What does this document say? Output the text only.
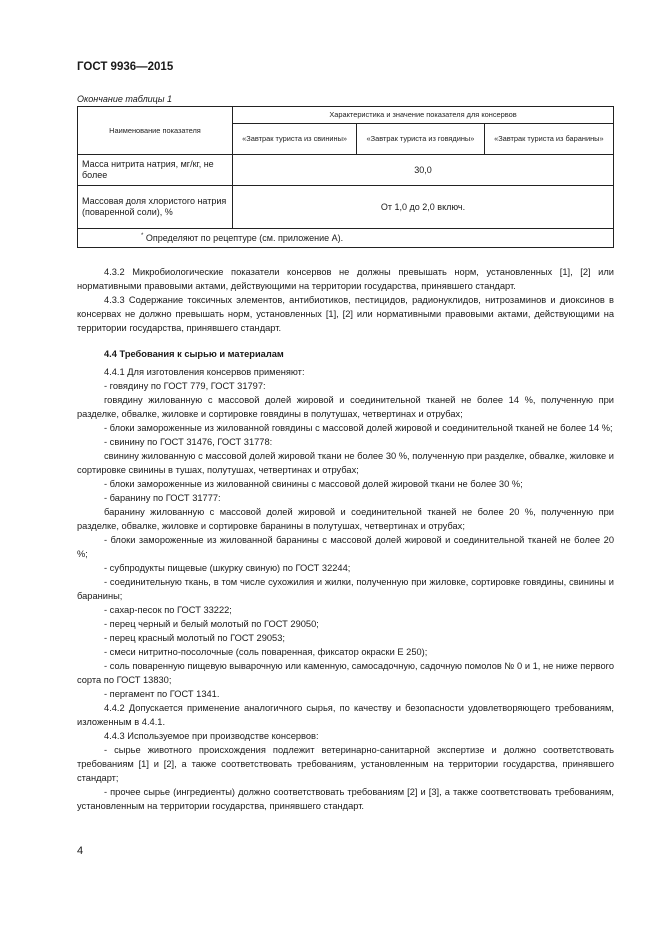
ГОСТ 9936—2015
Окончание таблицы 1
Наименование показателя	Характеристика и значение показателя для консервов		
	«Завтрак туриста из свинины»	«Завтрак туриста из говядины»	«Завтрак туриста из баранины»
Масса нитрита натрия, мг/кг, не более	30,0		
Массовая доля хлористого натрия (поваренной соли), %	От 1,0 до 2,0 включ.		
* Определяют по рецептуре (см. приложение А).			

4.3.2 Микробиологические показатели консервов не должны превышать норм, установленных [1], [2] или нормативными правовыми актами, действующими на территории государства, принявшего стандарт.

4.3.3 Содержание токсичных элементов, антибиотиков, пестицидов, радионуклидов, нитрозаминов и диоксинов в консервах не должно превышать норм, установленных [1], [2] или нормативными правовыми актами, действующими на территории государства, принявшего стандарт.

4.4 Требования к сырью и материалам

4.4.1 Для изготовления консервов применяют:

- говядину по ГОСТ 779, ГОСТ 31797:

говядину жилованную с массовой долей жировой и соединительной тканей не более 14 %, полученную при разделке, обвалке, жиловке и сортировке говядины в полутушах, четвертинах и отрубах;

- блоки замороженные из жилованной говядины с массовой долей жировой и соединительной тканей не более 14 %;

- свинину по ГОСТ 31476, ГОСТ 31778:

свинину жилованную с массовой долей жировой ткани не более 30 %, полученную при разделке, обвалке, жиловке и сортировке свинины в тушах, полутушах, четвертинах и отрубах;

- блоки замороженные из жилованной свинины с массовой долей жировой ткани не более 30 %;

- баранину по ГОСТ 31777:

баранину жилованную с массовой долей жировой и соединительной тканей не более 20 %, полученную при разделке, обвалке, жиловке и сортировке баранины в полутушах, четвертинах и отрубах;

- блоки замороженные из жилованной баранины с массовой долей жировой и соединительной тканей не более 20 %;

- субпродукты пищевые (шкурку свиную) по ГОСТ 32244;

- соединительную ткань, в том числе сухожилия и жилки, полученную при жиловке, сортировке говядины, свинины и баранины;

- сахар-песок по ГОСТ 33222;

- перец черный и белый молотый по ГОСТ 29050;

- перец красный молотый по ГОСТ 29053;

- смеси нитритно-посолочные (соль поваренная, фиксатор окраски Е 250);

- соль поваренную пищевую выварочную или каменную, самосадочную, садочную помолов № 0 и 1, не ниже первого сорта по ГОСТ 13830;

- пергамент по ГОСТ 1341.

4.4.2 Допускается применение аналогичного сырья, по качеству и безопасности удовлетворяющего требованиям, изложенным в 4.4.1.

4.4.3 Используемое при производстве консервов:

- сырье животного происхождения подлежит ветеринарно-санитарной экспертизе и должно соответствовать требованиям [1] и [2], а также соответствовать требованиям, установленным на территории государства, принявшего стандарт;

- прочее сырье (ингредиенты) должно соответствовать требованиям [2] и [3], а также соответствовать требованиям, установленным на территории государства, принявшего стандарт.

4
